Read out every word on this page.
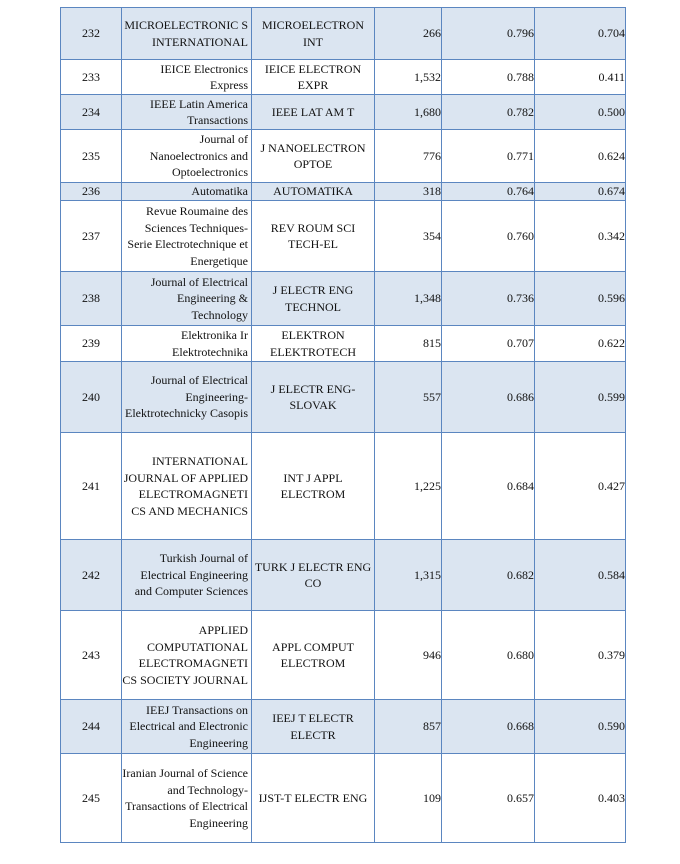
232	MICROELECTRONIC S INTERNATIONAL	MICROELECTRON INT	266	0.796	0.704
233	IEICE Electronics Express	IEICE ELECTRON EXPR	1,532	0.788	0.411
234	IEEE Latin America Transactions	IEEE LAT AM T	1,680	0.782	0.500
235	Journal of Nanoelectronics and Optoelectronics	J NANOELECTRON OPTOE	776	0.771	0.624
236	Automatika	AUTOMATIKA	318	0.764	0.674
237	Revue Roumaine des Sciences Techniques-Serie Electrotechnique et Energetique	REV ROUM SCI TECH-EL	354	0.760	0.342
238	Journal of Electrical Engineering & Technology	J ELECTR ENG TECHNOL	1,348	0.736	0.596
239	Elektronika Ir Elektrotechnika	ELEKTRON ELEKTROTECH	815	0.707	0.622
240	Journal of Electrical Engineering-Elektrotechnicky Casopis	J ELECTR ENG-SLOVAK	557	0.686	0.599
241	INTERNATIONAL JOURNAL OF APPLIED ELECTROMAGNETI CS AND MECHANICS	INT J APPL ELECTROM	1,225	0.684	0.427
242	Turkish Journal of Electrical Engineering and Computer Sciences	TURK J ELECTR ENG CO	1,315	0.682	0.584
243	APPLIED COMPUTATIONAL ELECTROMAGNETI CS SOCIETY JOURNAL	APPL COMPUT ELECTROM	946	0.680	0.379
244	IEEJ Transactions on Electrical and Electronic Engineering	IEEJ T ELECTR ELECTR	857	0.668	0.590
245	Iranian Journal of Science and Technology-Transactions of Electrical Engineering	IJST-T ELECTR ENG	109	0.657	0.403
